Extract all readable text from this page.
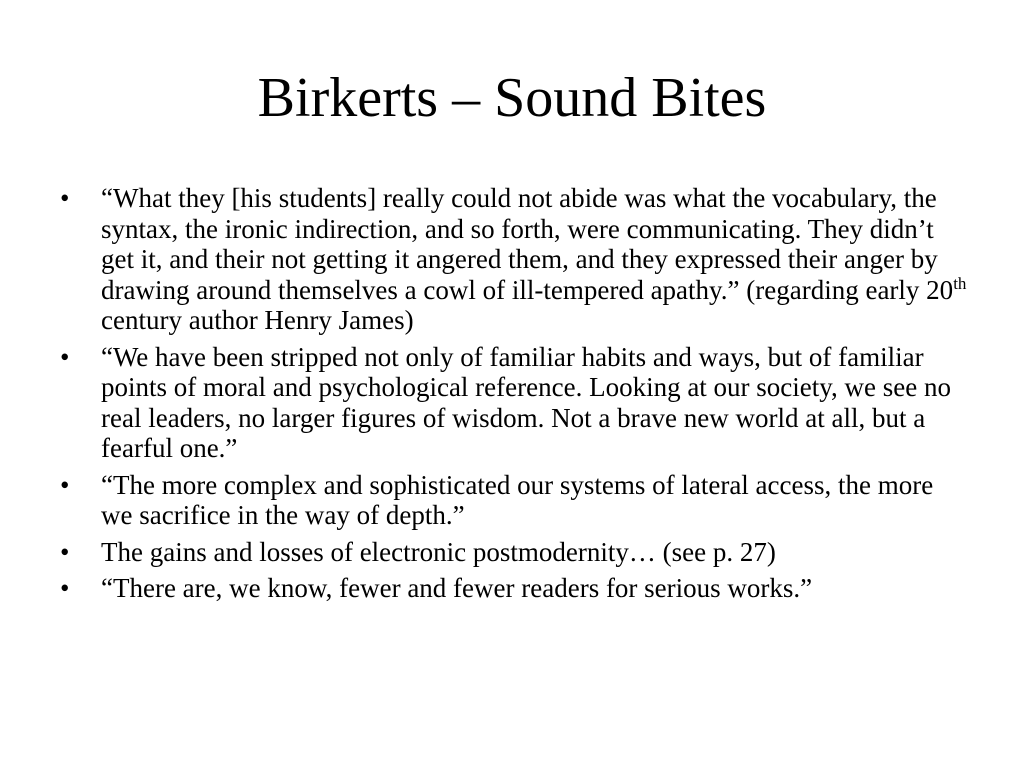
Birkerts – Sound Bites
•	“What they [his students] really could not abide was what the vocabulary, the syntax, the ironic indirection, and so forth, were communicating. They didn’t get it, and their not getting it angered them, and they expressed their anger by drawing around themselves a cowl of ill-tempered apathy.” (regarding early 20th century author Henry James)
•	“We have been stripped not only of familiar habits and ways, but of familiar points of moral and psychological reference. Looking at our society, we see no real leaders, no larger figures of wisdom. Not a brave new world at all, but a fearful one.”
•	“The more complex and sophisticated our systems of lateral access, the more we sacrifice in the way of depth.”
•	The gains and losses of electronic postmodernity… (see p. 27)
•	“There are, we know, fewer and fewer readers for serious works.”
